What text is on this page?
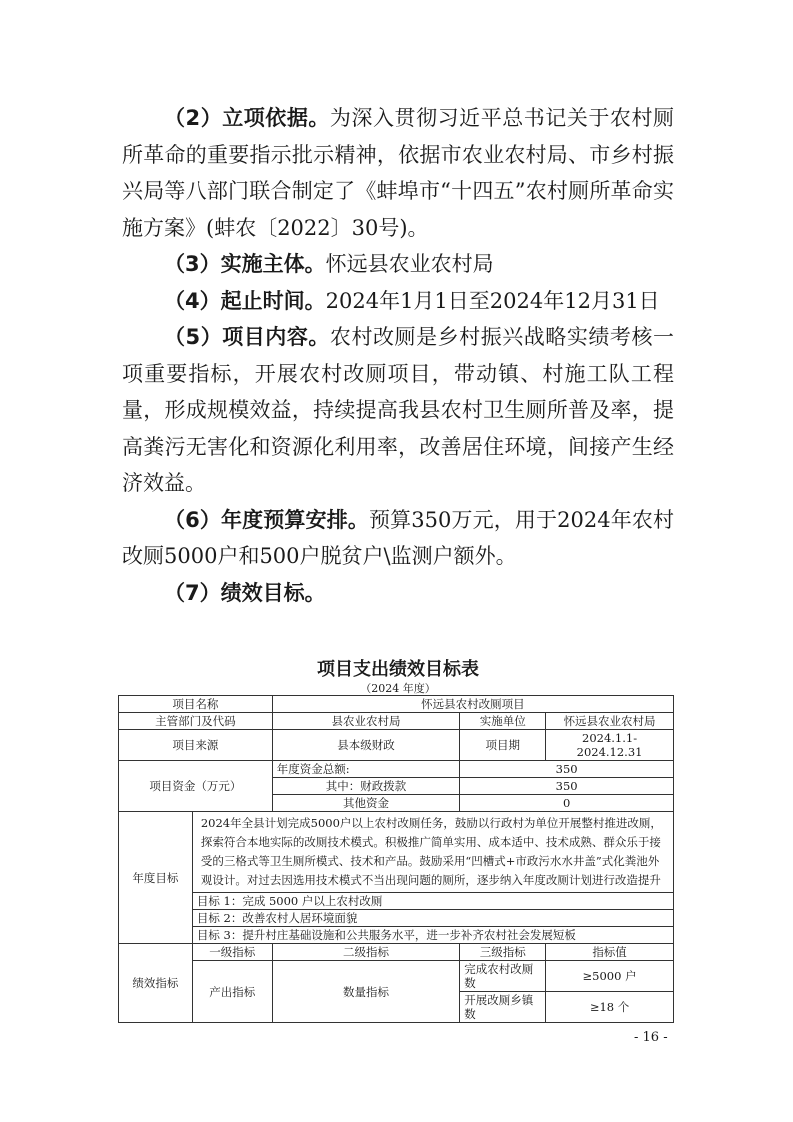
（2）立项依据。为深入贯彻习近平总书记关于农村厕所革命的重要指示批示精神，依据市农业农村局、市乡村振兴局等八部门联合制定了《蚌埠市“十四五”农村厕所革命实施方案》(蚌农〔2022〕30号)。

（3）实施主体。怀远县农业农村局

（4）起止时间。2024年1月1日至2024年12月31日

（5）项目内容。农村改厕是乡村振兴战略实绩考核一项重要指标，开展农村改厕项目，带动镇、村施工队工程量，形成规模效益，持续提高我县农村卫生厕所普及率，提高粪污无害化和资源化利用率，改善居住环境，间接产生经济效益。

（6）年度预算安排。预算350万元，用于2024年农村改厕5000户和500户脱贫户\监测户额外。

（7）绩效目标。

项目支出绩效目标表
（2024 年度）
项目名称		怀远县农村改厕项目		
主管部门及代码		县农业农村局	实施单位	怀远县农业农村局
项目来源		县本级财政	项目期	2024.1.1-2024.12.31
项目资金（万元）		年度资金总额:	350	
		其中：财政拨款	350	
		其他资金	0	
年度目标	2024年全县计划完成5000户以上农村改厕任务，鼓励以行政村为单位开展整村推进改厕，探索符合本地实际的改厕技术模式。积极推广简单实用、成本适中、技术成熟、群众乐于接受的三格式等卫生厕所模式、技术和产品。鼓励采用“凹槽式+市政污水水井盖”式化粪池外观设计。对过去因选用技术模式不当出现问题的厕所，逐步纳入年度改厕计划进行改造提升			
	目标 1：完成 5000 户以上农村改厕			
	目标 2：改善农村人居环境面貌			
	目标 3：提升村庄基础设施和公共服务水平，进一步补齐农村社会发展短板			
绩效指标	一级指标	二级指标	三级指标	指标值
	产出指标	数量指标	完成农村改厕数	≥5000 户
			开展改厕乡镇数	≥18 个
- 16 -
